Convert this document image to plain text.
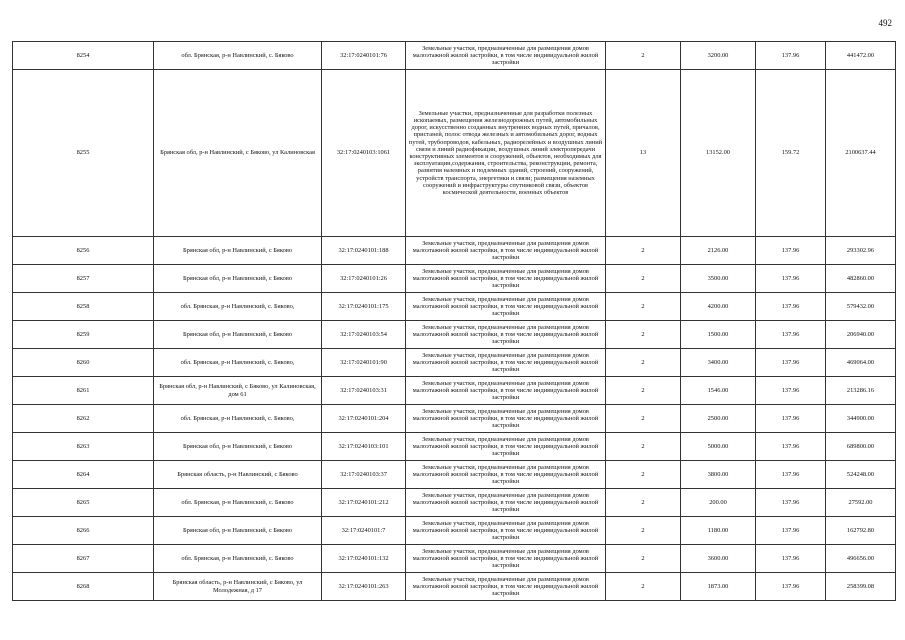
492
8254	обл. Брянская, р-н Навлинский, с. Бяково	32:17:0240101:76	Земельные участки, предназначенные для размещения домов малоэтажной жилой застройки, в том числе индивидуальной жилой застройки	2	3200.00	137.96	441472.00
8255	Брянская обл, р-н Навлинский, с Бяково, ул Калиновская	32:17:0240103:1061	Земельные участки, предназначенные для разработки полезных ископаемых, размещения железнодорожных путей, автомобильных дорог, искусственно созданных внутренних водных путей, причалов, пристаней, полос отвода железных и автомобильных дорог, водных путей, трубопроводов, кабельных, радиорелейных и воздушных линий связи и линий радиофикации, воздушных линий электропередачи конструктивных элементов и сооружений, объектов, необходимых для эксплуатации,содержания, строительства, реконструкции, ремонта, развития наземных и подземных зданий, строений, сооружений, устройств транспорта, энергетики и связи; размещения наземных сооружений и инфраструктуры спутниковой связи, объектов космической деятельности, военных объектов	13	13152.00	159.72	2100637.44
8256	Брянская обл, р-н Навлинский, с Бяково	32:17:0240101:188	Земельные участки, предназначенные для размещения домов малоэтажной жилой застройки, в том числе индивидуальной жилой застройки	2	2126.00	137.96	293302.96
8257	Брянская обл, р-н Навлинский, с Бяково	32:17:0240101:26	Земельные участки, предназначенные для размещения домов малоэтажной жилой застройки, в том числе индивидуальной жилой застройки	2	3500.00	137.96	482860.00
8258	обл. Брянская, р-н Навлинский, с. Бяково,	32:17:0240101:175	Земельные участки, предназначенные для размещения домов малоэтажной жилой застройки, в том числе индивидуальной жилой застройки	2	4200.00	137.96	579432.00
8259	Брянская обл, р-н Навлинский, с Бяково	32:17:0240103:54	Земельные участки, предназначенные для размещения домов малоэтажной жилой застройки, в том числе индивидуальной жилой застройки	2	1500.00	137.96	206940.00
8260	обл. Брянская, р-н Навлинский, с. Бяково,	32:17:0240101:90	Земельные участки, предназначенные для размещения домов малоэтажной жилой застройки, в том числе индивидуальной жилой застройки	2	3400.00	137.96	469064.00
8261	Брянская обл, р-н Навлинский, с Бяково, ул Калиновская, дом 61	32:17:0240103:31	Земельные участки, предназначенные для размещения домов малоэтажной жилой застройки, в том числе индивидуальной жилой застройки	2	1546.00	137.96	213286.16
8262	обл. Брянская, р-н Навлинский, с. Бяково,	32:17:0240101:204	Земельные участки, предназначенные для размещения домов малоэтажной жилой застройки, в том числе индивидуальной жилой застройки	2	2500.00	137.96	344900.00
8263	Брянская обл, р-н Навлинский, с Бяково	32:17:0240103:101	Земельные участки, предназначенные для размещения домов малоэтажной жилой застройки, в том числе индивидуальной жилой застройки	2	5000.00	137.96	689800.00
8264	Брянская область, р-н Навлинский, с Бяково	32:17:0240103:37	Земельные участки, предназначенные для размещения домов малоэтажной жилой застройки, в том числе индивидуальной жилой застройки	2	3800.00	137.96	524248.00
8265	обл. Брянская, р-н Навлинский, с. Бяково	32:17:0240101:212	Земельные участки, предназначенные для размещения домов малоэтажной жилой застройки, в том числе индивидуальной жилой застройки	2	200.00	137.96	27592.00
8266	Брянская обл, р-н Навлинский, с Бяково	32:17:0240101:7	Земельные участки, предназначенные для размещения домов малоэтажной жилой застройки, в том числе индивидуальной жилой застройки	2	1180.00	137.96	162792.80
8267	обл. Брянская, р-н Навлинский, с. Бяково	32:17:0240101:132	Земельные участки, предназначенные для размещения домов малоэтажной жилой застройки, в том числе индивидуальной жилой застройки	2	3600.00	137.96	496656.00
8268	Брянская область, р-н Навлинский, с Бяково, ул Молодежная, д 17	32:17:0240101:263	Земельные участки, предназначенные для размещения домов малоэтажной жилой застройки, в том числе индивидуальной жилой застройки	2	1873.00	137.96	258399.08
